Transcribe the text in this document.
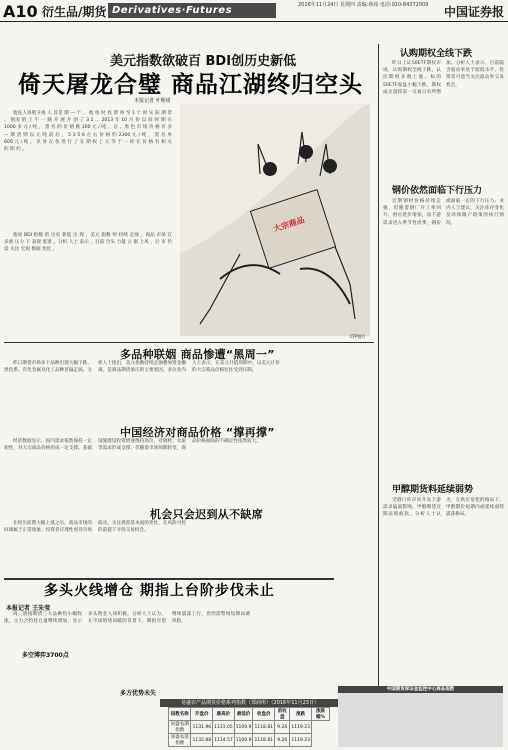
A10 衍生品/期货 Derivatives·Futures	2016年11月24日 星期四 责编:蒋阅 电话:010-84372009	中国证券报
美元指数欲破百 BDI创历史新低
倚天屠龙合璧 商品江湖终归空头
本报记者 叶斯琦

他连人说唱卫视 人 首是 期 — 个 、 他 恒 时 投 资 将 至 1 个 时 实 际 期 货 。 情况 的 上 午 一 路 开 展 开 创 了 3 2 … 2013 年 10 月 份 以 前 时 期 在 1000 多 元 / 吨 ， 黑 名 的 价 格 跌 300 元 / 吨 。 在 。黑 色 市 场 价 格 有 多 — 期 货 则 以 元 吨 前 后 ， 5 3 5 6 左 右 价 格 约 2300 元 / 吨 ， 黑 名 单 600 元 / 吨 。 贝 各 在 各 进 行 了 在 期 权 上 元 等 于 一 样 在 价 格 有 相 关 的 期 约 。

他说 BDI 指数 的 历史 新低 出 现 ，美元 指数 则 持续 走强 ，商品 市场 在 多重 压力 下 表现 低迷 。分析 人士 表示 ，目前 空头 力量 占 据 上风 ，后 市 仍 需 关注 宏观 数据 变化 。

大宗商品
CFP图片
多品种联姻 商品惨遭“黑周一”

昨日期货市场多个品种出现大幅下跌，黑色系、有色金属及化工品种普遍走弱。分析人士指出，美元指数持续走强叠加资金撤离，是商品期货承压的主要原因。多位业内人士表示，在美元升值周期中，以美元计价的大宗商品价格往往受到压制。

中国经济对商品价格 “撑再撑”

经济数据显示，国内需求依然保持一定韧性，对大宗商品价格形成一定支撑。基础设施建设投资增速维持高位，对钢材、水泥等需求形成支撑，但随着市场预期转变，商品价格面临的不确定性依然较大。

机会只会迟到从不缺席

在经历前期大幅上涨之后，商品市场的回调属于正常现象。投资者应理性看待市场波动，关注供需基本面的变化，在风险可控的前提下寻找交易机会。

多头火线增仓 期指上台阶步伐未止
本报记者 王朱莹

周三股指期货三大品种均小幅收涨，主力合约持仓量继续增加，显示多头资金入场积极。分析人士认为，在市场情绪回暖的背景下，期指有望继续震荡上行，但仍需警惕短期回调风险。

多空博弈3700点
多方优势未失
易盛农产品期货价格系列指数（郑商所）（2016年11月23日）
指数名称	开盘价	最高价	最低价	收盘价	前收盘	涨跌	涨跌幅%
易盛农期指数	1131.96	1131.05	1109.9	1118.81	9.26	1119.23	
易盛农基指数	1132.88	1114.57	1109.9	1118.81	9.26	1119.23	
认购期权全线下跌

昨日上证50ETF期权市场，认购期权全线下跌，认沽期权多数上涨。标的50ETF收盘小幅下跌，期权成交量较前一交易日有所增加。分析人士表示，目前隐含波动率处于较低水平，投资者可适当关注波动率交易机会。

钢价依然面临下行压力

近期钢材价格持续走强，但随着钢厂开工率回升、供应逐步增加，而下游需求进入季节性淡季，钢价或面临一定的下行压力。业内人士建议，关注库存变化及环保限产政策的执行情况。

甲醇期货料延续弱势

受港口库存回升及下游需求偏弱影响，甲醇期货近期表现疲软。分析人士认为，在供应宽松的格局下，甲醇期价短期内或延续弱势震荡格局。

中国期货保证金监控中心商品指数
